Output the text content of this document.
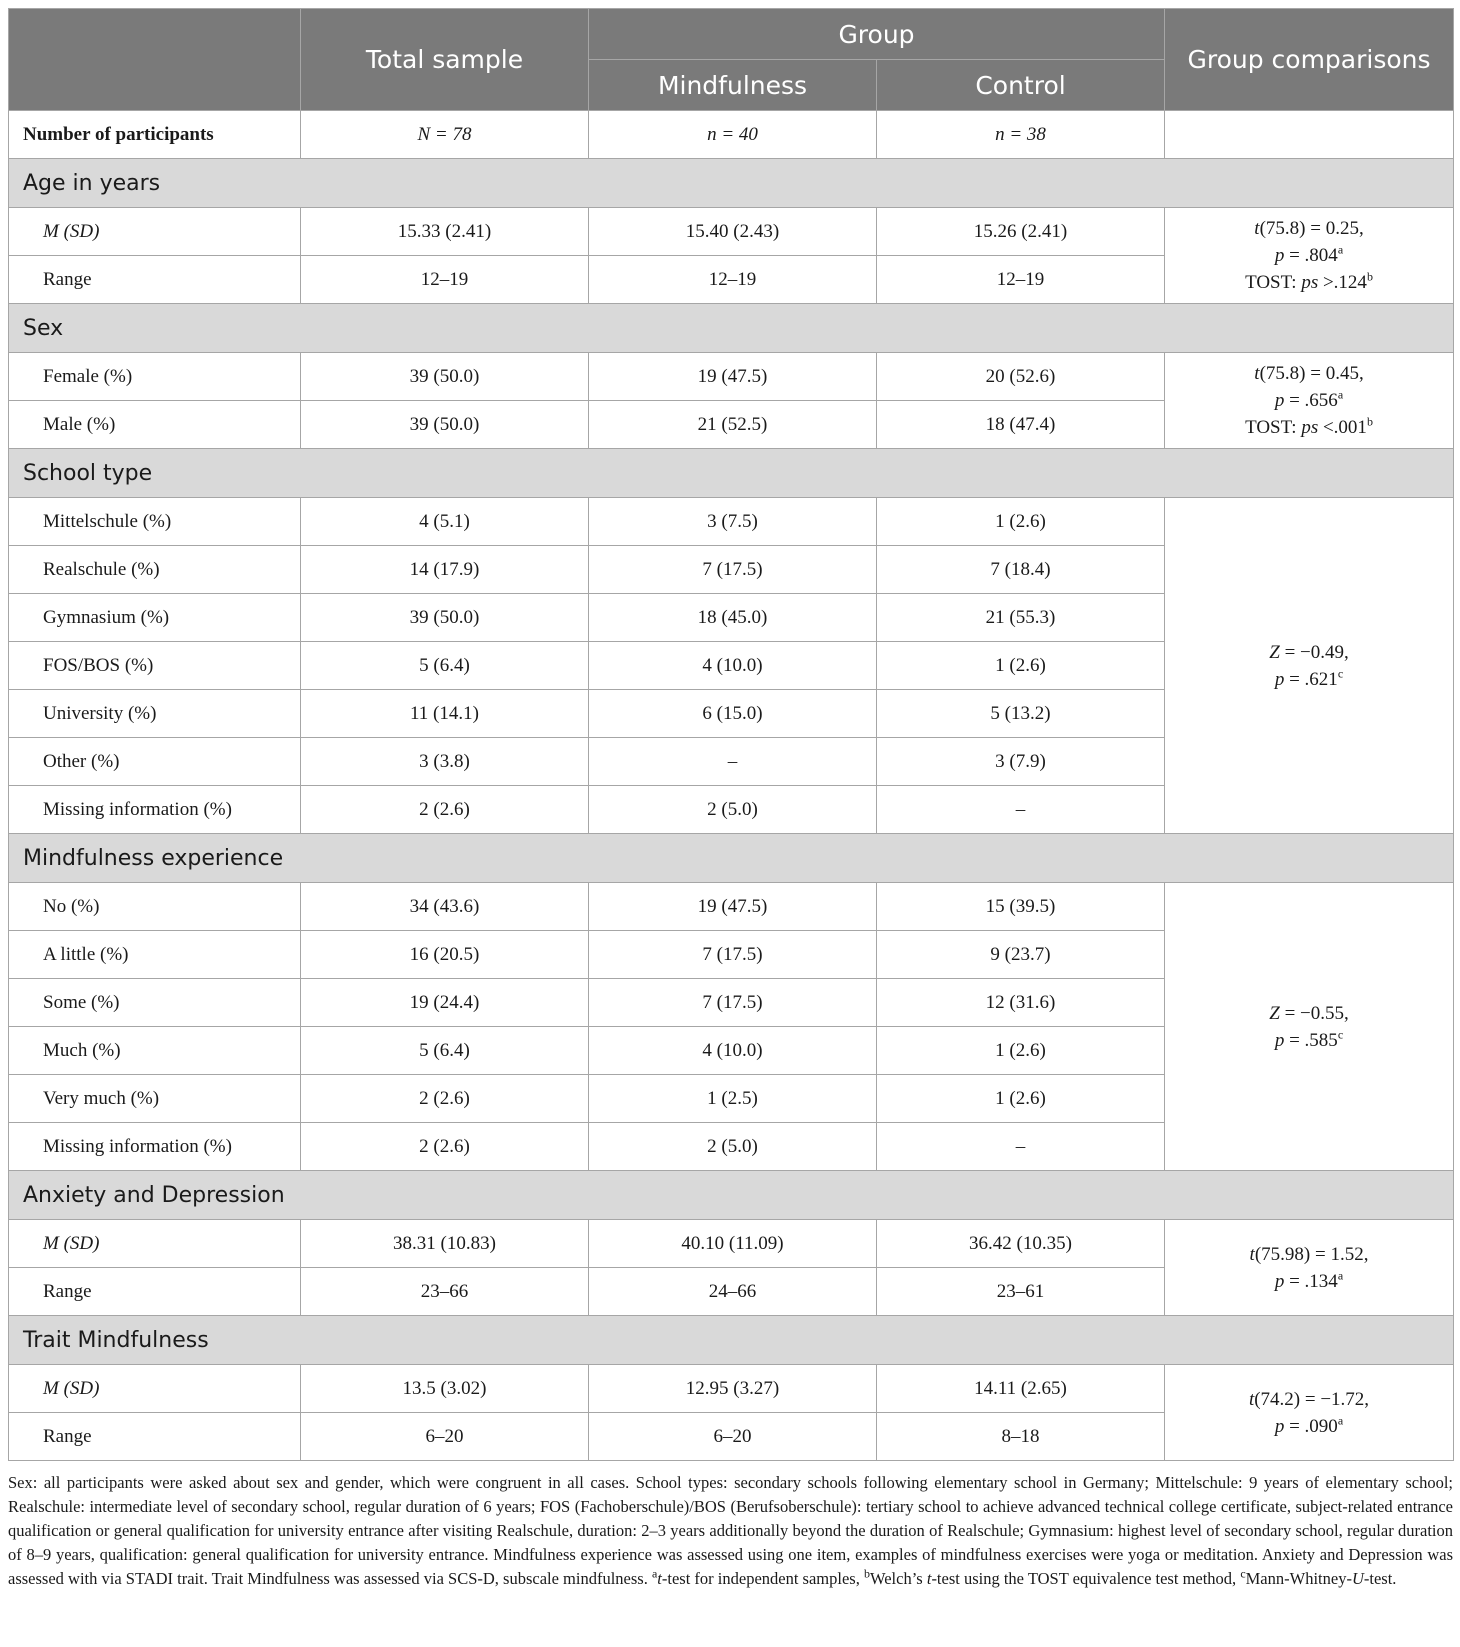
	Total sample	Group		Group comparisons
		Mindfulness	Control	
Number of participants	N = 78	n = 40	n = 38	
Age in years				
M (SD)	15.33 (2.41)	15.40 (2.43)	15.26 (2.41)	t(75.8) = 0.25,
p = .804$^a$
TOST: ps >.124$^b$
Range	12–19	12–19	12–19	
Sex				
Female (%)	39 (50.0)	19 (47.5)	20 (52.6)	t(75.8) = 0.45,
p = .656$^a$
TOST: ps <.001$^b$
Male (%)	39 (50.0)	21 (52.5)	18 (47.4)	
School type				
Mittelschule (%)	4 (5.1)	3 (7.5)	1 (2.6)	Z = −0.49,
p = .621$^c$
Realschule (%)	14 (17.9)	7 (17.5)	7 (18.4)	
Gymnasium (%)	39 (50.0)	18 (45.0)	21 (55.3)	
FOS/BOS (%)	5 (6.4)	4 (10.0)	1 (2.6)	
University (%)	11 (14.1)	6 (15.0)	5 (13.2)	
Other (%)	3 (3.8)	–	3 (7.9)	
Missing information (%)	2 (2.6)	2 (5.0)	–	
Mindfulness experience				
No (%)	34 (43.6)	19 (47.5)	15 (39.5)	Z = −0.55,
p = .585$^c$
A little (%)	16 (20.5)	7 (17.5)	9 (23.7)	
Some (%)	19 (24.4)	7 (17.5)	12 (31.6)	
Much (%)	5 (6.4)	4 (10.0)	1 (2.6)	
Very much (%)	2 (2.6)	1 (2.5)	1 (2.6)	
Missing information (%)	2 (2.6)	2 (5.0)	–	
Anxiety and Depression				
M (SD)	38.31 (10.83)	40.10 (11.09)	36.42 (10.35)	t(75.98) = 1.52,
p = .134$^a$
Range	23–66	24–66	23–61	
Trait Mindfulness				
M (SD)	13.5 (3.02)	12.95 (3.27)	14.11 (2.65)	t(74.2) = −1.72,
p = .090$^a$
Range	6–20	6–20	8–18	
Sex: all participants were asked about sex and gender, which were congruent in all cases. School types: secondary schools following elementary school in Germany; Mittelschule: 9 years of elementary school; Realschule: intermediate level of secondary school, regular duration of 6 years; FOS (Fachoberschule)/BOS (Berufsoberschule): tertiary school to achieve advanced technical college certificate, subject-related entrance qualification or general qualification for university entrance after visiting Realschule, duration: 2–3 years additionally beyond the duration of Realschule; Gymnasium: highest level of secondary school, regular duration of 8–9 years, qualification: general qualification for university entrance. Mindfulness experience was assessed using one item, examples of mindfulness exercises were yoga or meditation. Anxiety and Depression was assessed with via STADI trait. Trait Mindfulness was assessed via SCS-D, subscale mindfulness. $^a$t-test for independent samples, $^b$Welch’s t-test using the TOST equivalence test method, $^c$Mann-Whitney-U-test.
